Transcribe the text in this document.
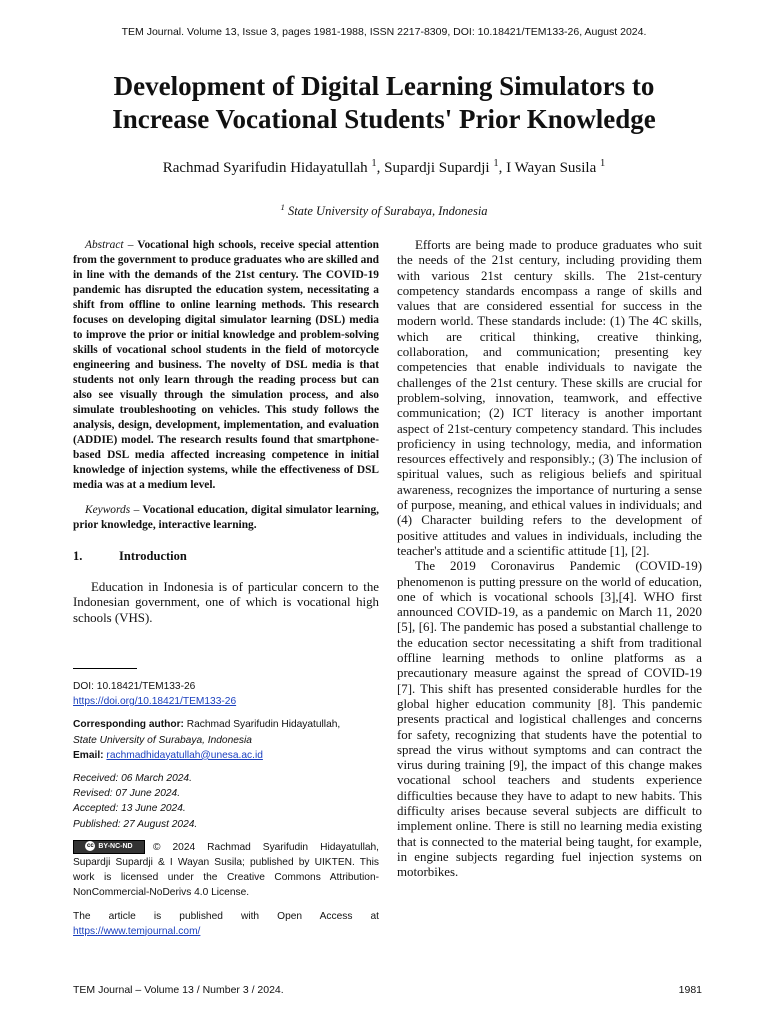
TEM Journal. Volume 13, Issue 3, pages 1981-1988, ISSN 2217-8309, DOI: 10.18421/TEM133-26, August 2024.
Development of Digital Learning Simulators to
Increase Vocational Students' Prior Knowledge
Rachmad Syarifudin Hidayatullah $^1$, Supardji Supardji $^1$, I Wayan Susila $^1$
$^1$ State University of Surabaya, Indonesia

Abstract – Vocational high schools, receive special attention from the government to produce graduates who are skilled and in line with the demands of the 21st century. The COVID-19 pandemic has disrupted the education system, necessitating a shift from offline to online learning methods. This research focuses on developing digital simulator learning (DSL) media to improve the prior or initial knowledge and problem-solving skills of vocational school students in the field of motorcycle engineering and business. The novelty of DSL media is that students not only learn through the reading process but can also see visually through the simulation process, and also simulate troubleshooting on vehicles. This study follows the analysis, design, development, implementation, and evaluation (ADDIE) model. The research results found that smartphone-based DSL media affected increasing competence in initial knowledge of injection systems, while the effectiveness of DSL media was at a medium level.

Keywords – Vocational education, digital simulator learning, prior knowledge, interactive learning.

1.	Introduction

Education in Indonesia is of particular concern to the Indonesian government, one of which is vocational high schools (VHS).

DOI: 10.18421/TEM133-26

https://doi.org/10.18421/TEM133-26

Corresponding author: Rachmad Syarifudin Hidayatullah,

State University of Surabaya, Indonesia

Email: rachmadhidayatullah@unesa.ac.id

Received: 06 March 2024.

Revised: 07 June 2024.

Accepted: 13 June 2024.

Published: 27 August 2024.

cc BY-NC-ND © 2024 Rachmad Syarifudin Hidayatullah, Supardji Supardji & I Wayan Susila; published by UIKTEN. This work is licensed under the Creative Commons Attribution-NonCommercial-NoDerivs 4.0 License.

The article is published with Open Access at https://www.temjournal.com/

Efforts are being made to produce graduates who suit the needs of the 21st century, including providing them with various 21st century skills. The 21st-century competency standards encompass a range of skills and values that are considered essential for success in the modern world. These standards include: (1) The 4C skills, which are critical thinking, creative thinking, collaboration, and communication; presenting key competencies that enable individuals to navigate the challenges of the 21st century. These skills are crucial for problem-solving, innovation, teamwork, and effective communication; (2) ICT literacy is another important aspect of 21st-century competency standard. This includes proficiency in using technology, media, and information resources effectively and responsibly.; (3) The inclusion of spiritual values, such as religious beliefs and spiritual awareness, recognizes the importance of nurturing a sense of purpose, meaning, and ethical values in individuals; and (4) Character building refers to the development of positive attitudes and values in individuals, including the teacher's attitude and a scientific attitude [1], [2].

The 2019 Coronavirus Pandemic (COVID-19) phenomenon is putting pressure on the world of education, one of which is vocational schools [3],[4]. WHO first announced COVID-19, as a pandemic on March 11, 2020 [5], [6]. The pandemic has posed a substantial challenge to the education sector necessitating a shift from traditional offline learning methods to online platforms as a precautionary measure against the spread of COVID-19 [7]. This shift has presented considerable hurdles for the global higher education community [8]. This pandemic presents practical and logistical challenges and concerns for safety, recognizing that students have the potential to spread the virus without symptoms and can contract the virus during training [9], the impact of this change makes vocational school teachers and students experience difficulties because they have to adapt to new habits. This difficulty arises because several subjects are difficult to implement online. There is still no learning media existing that is connected to the material being taught, for example, in engine subjects regarding fuel injection systems on motorbikes.

TEM Journal – Volume 13 / Number 3 / 2024.	1981
